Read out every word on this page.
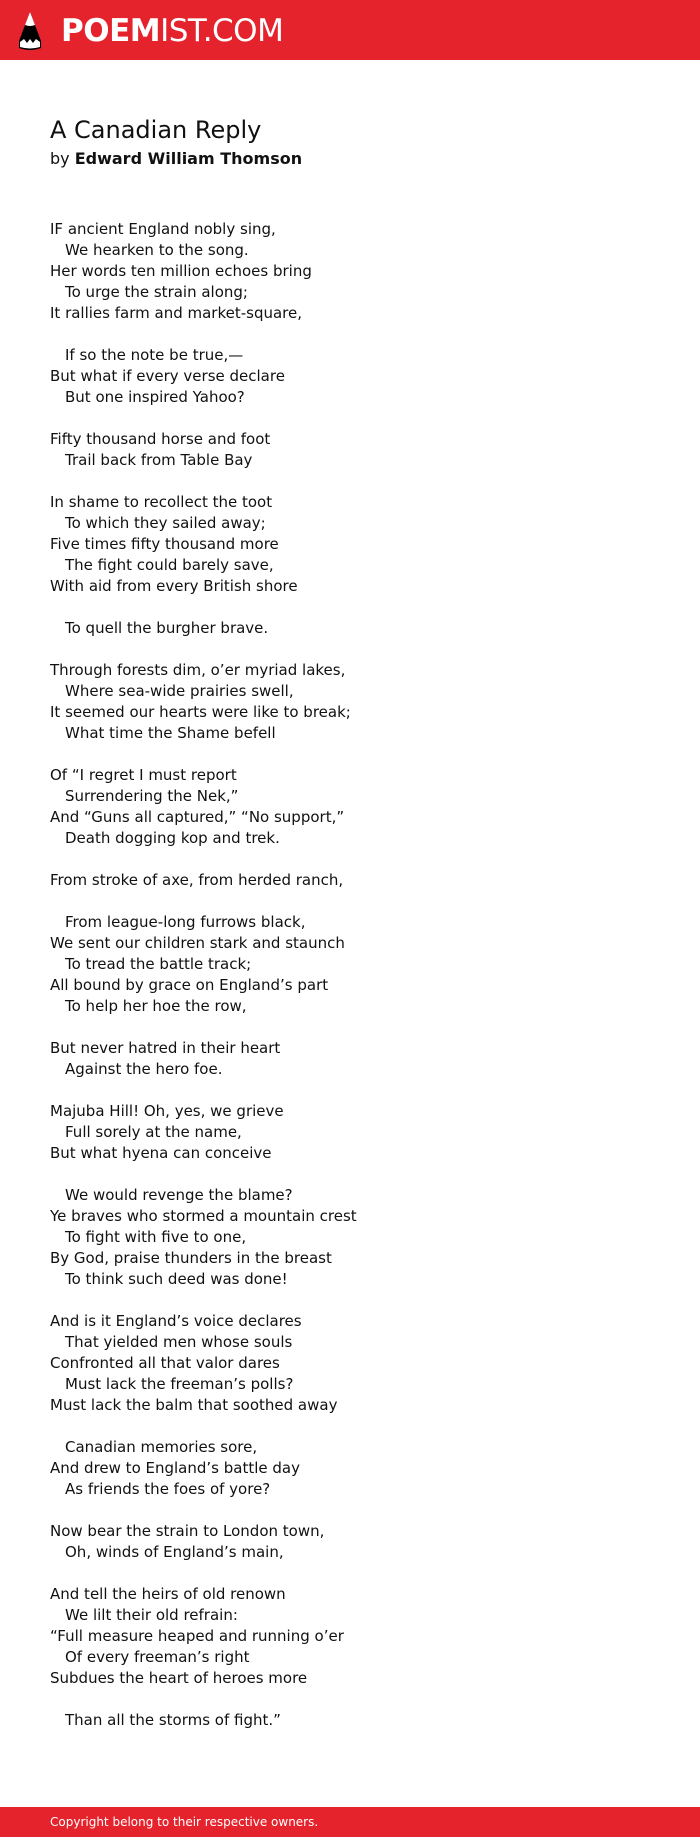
POEMIST.COM
A Canadian Reply
by Edward William Thomson
IF ancient England nobly sing,
We hearken to the song.
Her words ten million echoes bring
To urge the strain along;
It rallies farm and market-square,
If so the note be true,—
But what if every verse declare
But one inspired Yahoo?
Fifty thousand horse and foot
Trail back from Table Bay
In shame to recollect the toot
To which they sailed away;
Five times fifty thousand more
The fight could barely save,
With aid from every British shore
To quell the burgher brave.
Through forests dim, o’er myriad lakes,
Where sea-wide prairies swell,
It seemed our hearts were like to break;
What time the Shame befell
Of “I regret I must report
Surrendering the Nek,”
And “Guns all captured,” “No support,”
Death dogging kop and trek.
From stroke of axe, from herded ranch,
From league-long furrows black,
We sent our children stark and staunch
To tread the battle track;
All bound by grace on England’s part
To help her hoe the row,
But never hatred in their heart
Against the hero foe.
Majuba Hill! Oh, yes, we grieve
Full sorely at the name,
But what hyena can conceive
We would revenge the blame?
Ye braves who stormed a mountain crest
To fight with five to one,
By God, praise thunders in the breast
To think such deed was done!
And is it England’s voice declares
That yielded men whose souls
Confronted all that valor dares
Must lack the freeman’s polls?
Must lack the balm that soothed away
Canadian memories sore,
And drew to England’s battle day
As friends the foes of yore?
Now bear the strain to London town,
Oh, winds of England’s main,
And tell the heirs of old renown
We lilt their old refrain:
“Full measure heaped and running o’er
Of every freeman’s right
Subdues the heart of heroes more
Than all the storms of fight.”
Copyright belong to their respective owners.
